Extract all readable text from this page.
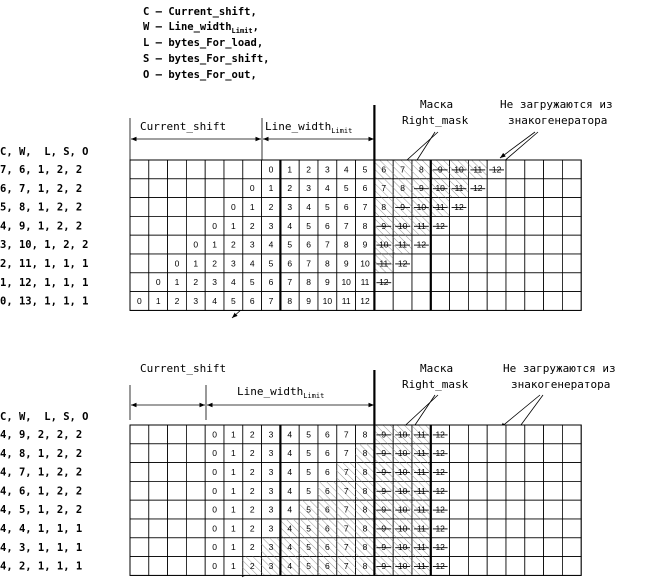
C – Current_shift,
W – Line_width$_{Limit}$,
L – bytes_For_load,
S – bytes_For_shift,
O – bytes_For_out,
Current_shift	Line_width$_{Limit}$
Маска
Right_mask
Не загружаются из
знакогенератора
C, W,  L, S, O
0 1 2 3 4 5 6 7 8 9 10 11 12
0 1 2 3 4 5 6 7 8 9 10 11 12
0 1 2 3 4 5 6 7 8 9 10 11 12
0 1 2 3 4 5 6 7 8 9 10 11 12
0 1 2 3 4 5 6 7 8 9 10 11 12
0 1 2 3 4 5 6 7 8 9 10 11 12
0 1 2 3 4 5 6 7 8 9 10 11 12
0 1 2 3 4 5 6 7 8 9 10 11 12
7, 6, 1, 2, 2
6, 7, 1, 2, 2
5, 8, 1, 2, 2
4, 9, 1, 2, 2
3, 10, 1, 2, 2
2, 11, 1, 1, 1
1, 12, 1, 1, 1
0, 13, 1, 1, 1
Current_shift
Line_width$_{Limit}$
Маска
Right_mask
Не загружаются из
знакогенератора
C, W,  L, S, O
0 1 2 3 4 5 6 7 8 9 10 11 12
0 1 2 3 4 5 6 7 8 9 10 11 12
0 1 2 3 4 5 6 7 8 9 10 11 12
0 1 2 3 4 5 6 7 8 9 10 11 12
0 1 2 3 4 5 6 7 8 9 10 11 12
0 1 2 3 4 5 6 7 8 9 10 11 12
0 1 2 3 4 5 6 7 8 9 10 11 12
0 1 2 3 4 5 6 7 8 9 10 11 12
4, 9, 2, 2, 2
4, 8, 1, 2, 2
4, 7, 1, 2, 2
4, 6, 1, 2, 2
4, 5, 1, 2, 2
4, 4, 1, 1, 1
4, 3, 1, 1, 1
4, 2, 1, 1, 1
